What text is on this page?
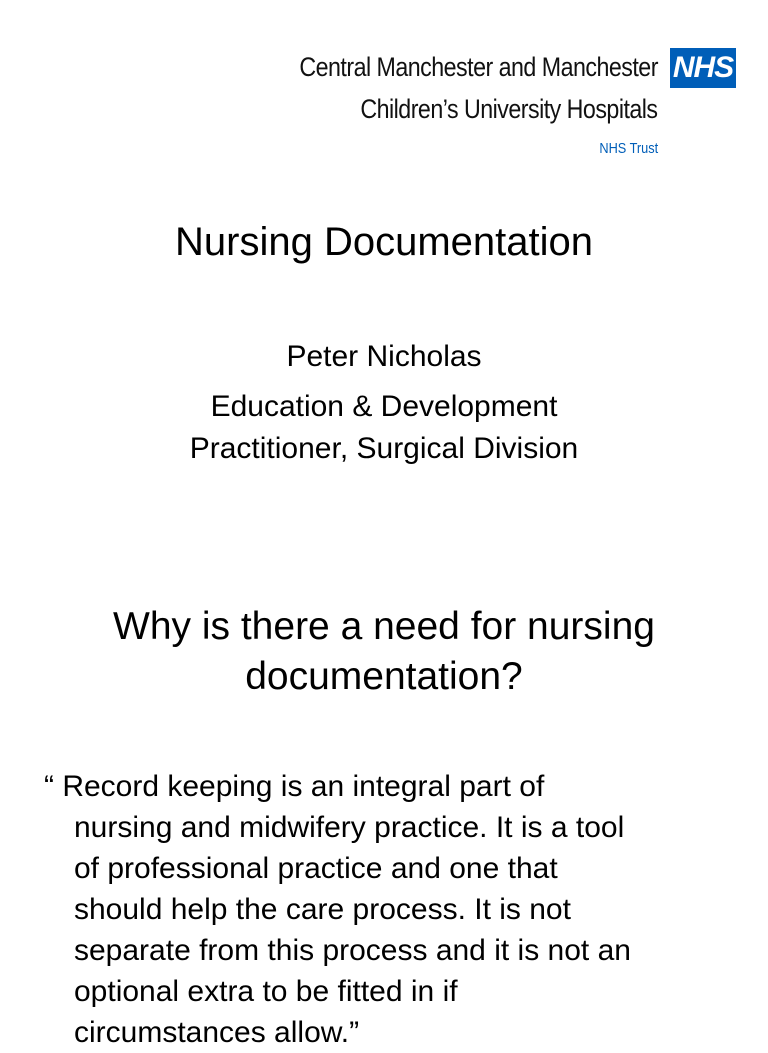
Central Manchester and Manchester
Children’s University Hospitals
NHS
NHS Trust
Nursing Documentation
Peter Nicholas
Education & Development
Practitioner, Surgical Division
Why is there a need for nursing
documentation?
“ Record keeping is an integral part of
nursing and midwifery practice. It is a tool
of professional practice and one that
should help the care process. It is not
separate from this process and it is not an
optional extra to be fitted in if
circumstances allow.”
